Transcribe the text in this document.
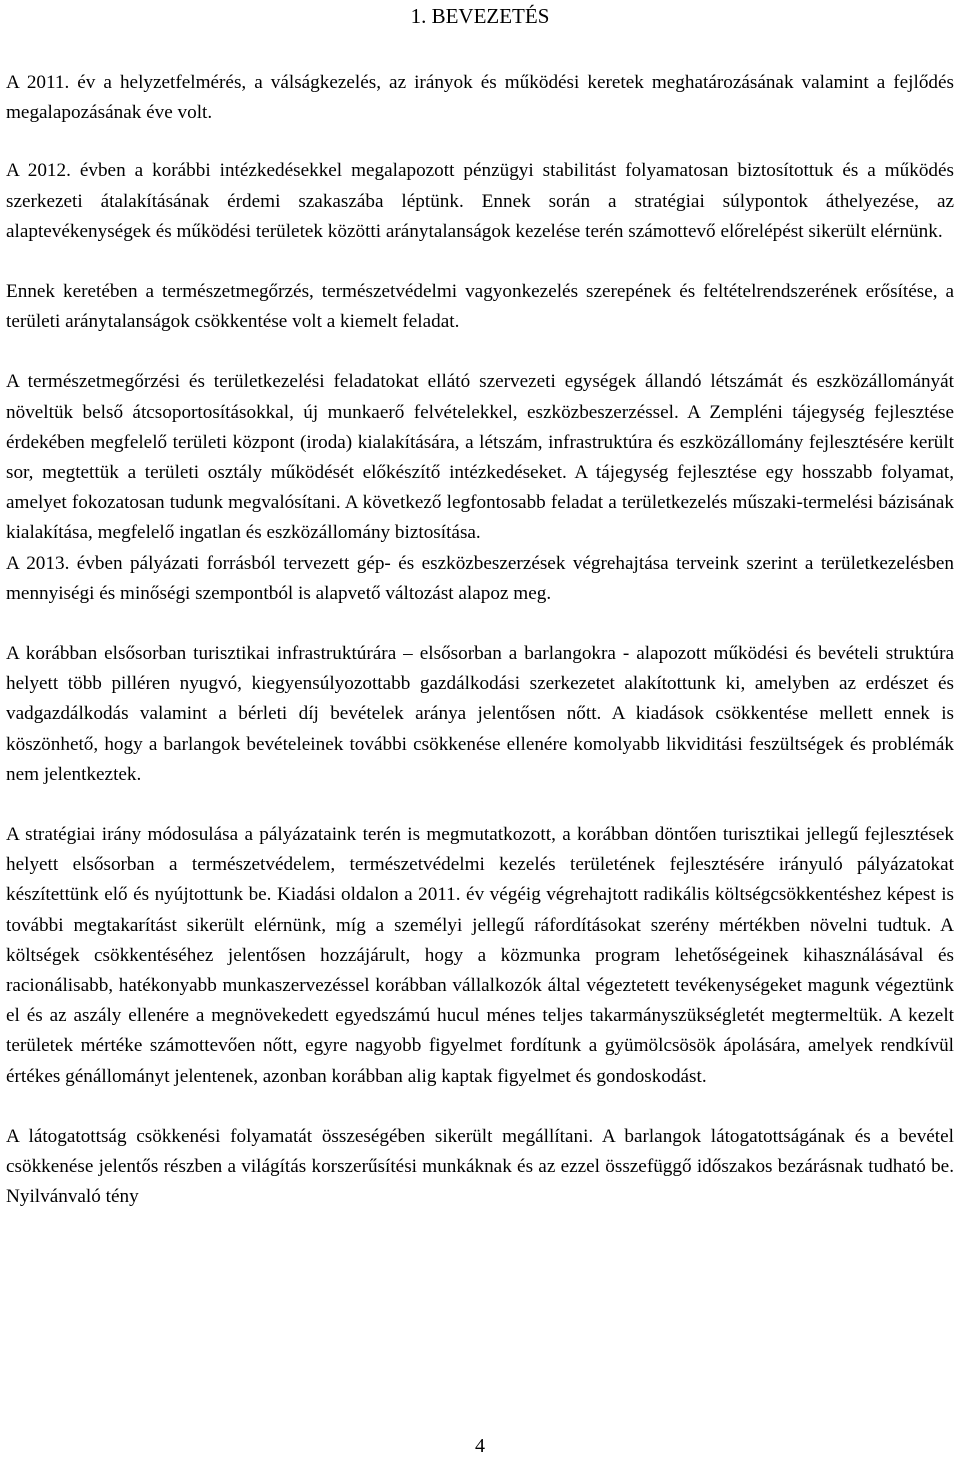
1. BEVEZETÉS

A 2011. év a helyzetfelmérés, a válságkezelés, az irányok és működési keretek meghatározásának valamint a fejlődés megalapozásának éve volt.

A 2012. évben a korábbi intézkedésekkel megalapozott pénzügyi stabilitást folyamatosan biztosítottuk és a működés szerkezeti átalakításának érdemi szakaszába léptünk. Ennek során a stratégiai súlypontok áthelyezése, az alaptevékenységek és működési területek közötti aránytalanságok kezelése terén számottevő előrelépést sikerült elérnünk.

Ennek keretében a természetmegőrzés, természetvédelmi vagyonkezelés szerepének és feltételrendszerének erősítése, a területi aránytalanságok csökkentése volt a kiemelt feladat.

A természetmegőrzési és területkezelési feladatokat ellátó szervezeti egységek állandó létszámát és eszközállományát növeltük belső átcsoportosításokkal, új munkaerő felvételekkel, eszközbeszerzéssel. A Zempléni tájegység fejlesztése érdekében megfelelő területi központ (iroda) kialakítására, a létszám, infrastruktúra és eszközállomány fejlesztésére került sor, megtettük a területi osztály működését előkészítő intézkedéseket. A tájegység fejlesztése egy hosszabb folyamat, amelyet fokozatosan tudunk megvalósítani. A következő legfontosabb feladat a területkezelés műszaki-termelési bázisának kialakítása, megfelelő ingatlan és eszközállomány biztosítása.

A 2013. évben pályázati forrásból tervezett gép- és eszközbeszerzések végrehajtása terveink szerint a területkezelésben mennyiségi és minőségi szempontból is alapvető változást alapoz meg.

A korábban elsősorban turisztikai infrastruktúrára – elsősorban a barlangokra - alapozott működési és bevételi struktúra helyett több pilléren nyugvó, kiegyensúlyozottabb gazdálkodási szerkezetet alakítottunk ki, amelyben az erdészet és vadgazdálkodás valamint a bérleti díj bevételek aránya jelentősen nőtt. A kiadások csökkentése mellett ennek is köszönhető, hogy a barlangok bevételeinek további csökkenése ellenére komolyabb likviditási feszültségek és problémák nem jelentkeztek.

A stratégiai irány módosulása a pályázataink terén is megmutatkozott, a korábban döntően turisztikai jellegű fejlesztések helyett elsősorban a természetvédelem, természetvédelmi kezelés területének fejlesztésére irányuló pályázatokat készítettünk elő és nyújtottunk be. Kiadási oldalon a 2011. év végéig végrehajtott radikális költségcsökkentéshez képest is további megtakarítást sikerült elérnünk, míg a személyi jellegű ráfordításokat szerény mértékben növelni tudtuk. A költségek csökkentéséhez jelentősen hozzájárult, hogy a közmunka program lehetőségeinek kihasználásával és racionálisabb, hatékonyabb munkaszervezéssel korábban vállalkozók által végeztetett tevékenységeket magunk végeztünk el és az aszály ellenére a megnövekedett egyedszámú hucul ménes teljes takarmányszükségletét megtermeltük. A kezelt területek mértéke számottevően nőtt, egyre nagyobb figyelmet fordítunk a gyümölcsösök ápolására, amelyek rendkívül értékes génállományt jelentenek, azonban korábban alig kaptak figyelmet és gondoskodást.

A látogatottság csökkenési folyamatát összeségében sikerült megállítani. A barlangok látogatottságának és a bevétel csökkenése jelentős részben a világítás korszerűsítési munkáknak és az ezzel összefüggő időszakos bezárásnak tudható be. Nyilvánvaló tény

4
